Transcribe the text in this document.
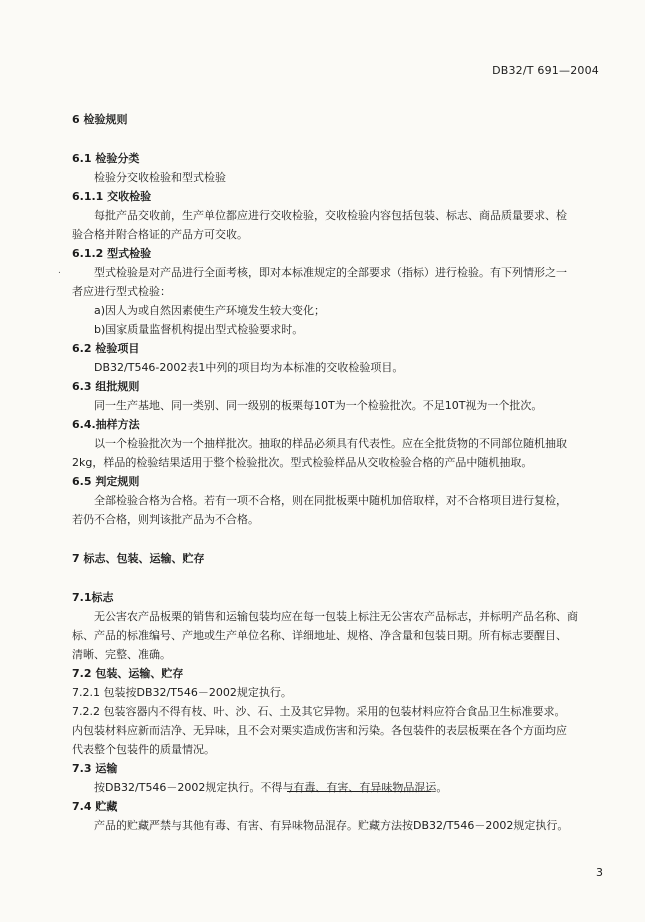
DB32/T 691—2004
.

6 检验规则

6.1 检验分类

检验分交收检验和型式检验

6.1.1 交收检验

每批产品交收前，生产单位都应进行交收检验，交收检验内容包括包装、标志、商品质量要求、检

验合格并附合格证的产品方可交收。

6.1.2 型式检验

型式检验是对产品进行全面考核，即对本标准规定的全部要求（指标）进行检验。有下列情形之一

者应进行型式检验：

a)因人为或自然因素使生产环境发生较大变化；

b)国家质量监督机构提出型式检验要求时。

6.2 检验项目

DB32/T546-2002表1中列的项目均为本标准的交收检验项目。

6.3 组批规则

同一生产基地、同一类别、同一级别的板栗每10T为一个检验批次。不足10T视为一个批次。

6.4.抽样方法

以一个检验批次为一个抽样批次。抽取的样品必须具有代表性。应在全批货物的不同部位随机抽取

2kg，样品的检验结果适用于整个检验批次。型式检验样品从交收检验合格的产品中随机抽取。

6.5 判定规则

全部检验合格为合格。若有一项不合格，则在同批板栗中随机加倍取样，对不合格项目进行复检，

若仍不合格，则判该批产品为不合格。

7 标志、包装、运输、贮存

7.1标志

无公害农产品板栗的销售和运输包装均应在每一包装上标注无公害农产品标志，并标明产品名称、商

标、产品的标准编号、产地或生产单位名称、详细地址、规格、净含量和包装日期。所有标志要醒目、

清晰、完整、准确。

7.2 包装、运输、贮存

7.2.1 包装按DB32/T546－2002规定执行。

7.2.2 包装容器内不得有枝、叶、沙、石、土及其它异物。采用的包装材料应符合食品卫生标准要求。

内包装材料应新而洁净、无异味，且不会对栗实造成伤害和污染。各包装件的表层板栗在各个方面均应

代表整个包装件的质量情况。

7.3 运输

按DB32/T546－2002规定执行。不得与有毒、有害、有异味物品混运。

7.4 贮藏

产品的贮藏严禁与其他有毒、有害、有异味物品混存。贮藏方法按DB32/T546－2002规定执行。

3
